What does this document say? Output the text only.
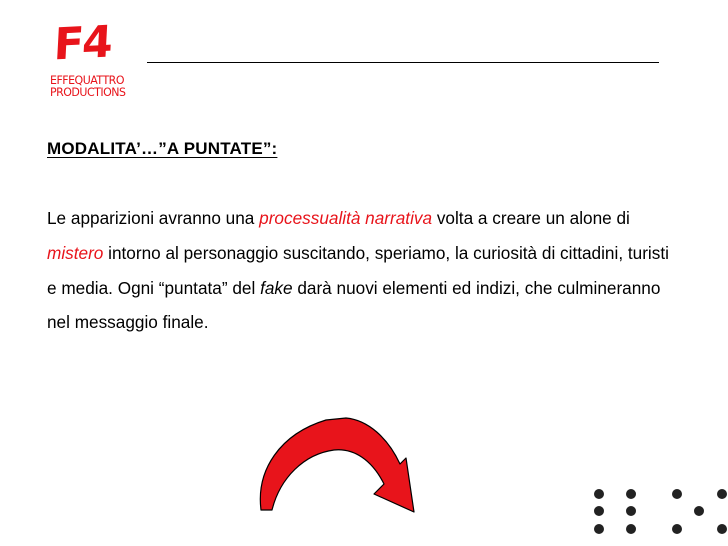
F4
EFFEQUATTRO
PRODUCTIONS
MODALITA’…”A PUNTATE”:

Le apparizioni avranno una processualità narrativa volta a creare un alone di mistero intorno al personaggio suscitando, speriamo, la curiosità di cittadini, turisti e media. Ogni “puntata” del fake darà nuovi elementi ed indizi, che culmineranno nel messaggio finale.
